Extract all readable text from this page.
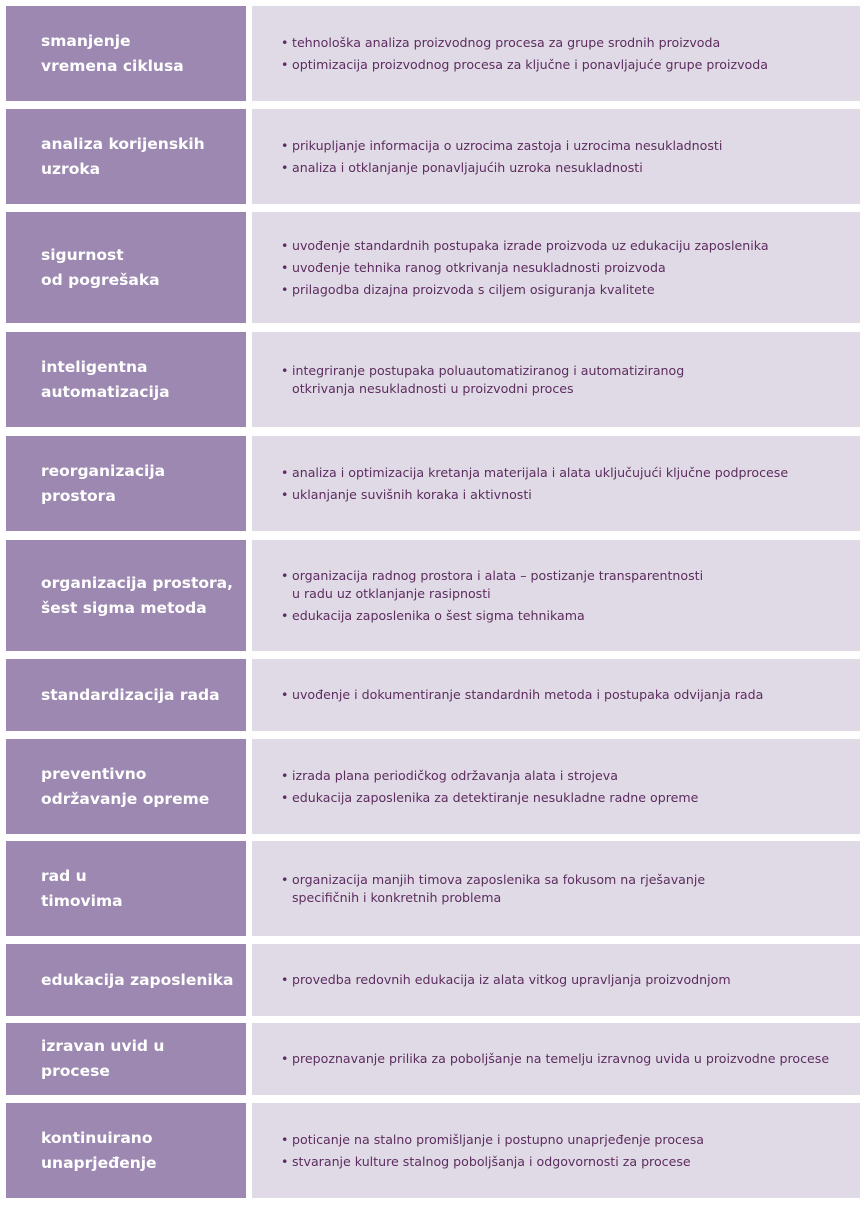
smanjenje
vremena ciklusa
• tehnološka analiza proizvodnog procesa za grupe srodnih proizvoda
• optimizacija proizvodnog procesa za ključne i ponavljajuće grupe proizvoda
analiza korijenskih
uzroka
• prikupljanje informacija o uzrocima zastoja i uzrocima nesukladnosti
• analiza i otklanjanje ponavljajućih uzroka nesukladnosti
sigurnost
od pogrešaka
• uvođenje standardnih postupaka izrade proizvoda uz edukaciju zaposlenika
• uvođenje tehnika ranog otkrivanja nesukladnosti proizvoda
• prilagodba dizajna proizvoda s ciljem osiguranja kvalitete
inteligentna
automatizacija
• integriranje postupaka poluautomatiziranog i automatiziranog
otkrivanja nesukladnosti u proizvodni proces
reorganizacija
prostora
• analiza i optimizacija kretanja materijala i alata uključujući ključne podprocese
• uklanjanje suvišnih koraka i aktivnosti
organizacija prostora,
šest sigma metoda
• organizacija radnog prostora i alata – postizanje transparentnosti
u radu uz otklanjanje rasipnosti
• edukacija zaposlenika o šest sigma tehnikama
standardizacija rada	• uvođenje i dokumentiranje standardnih metoda i postupaka odvijanja rada
preventivno
održavanje opreme
• izrada plana periodičkog održavanja alata i strojeva
• edukacija zaposlenika za detektiranje nesukladne radne opreme
rad u
timovima
• organizacija manjih timova zaposlenika sa fokusom na rješavanje
specifičnih i konkretnih problema
edukacija zaposlenika	• provedba redovnih edukacija iz alata vitkog upravljanja proizvodnjom
izravan uvid u procese
• prepoznavanje prilika za poboljšanje na temelju izravnog uvida u proizvodne procese
kontinuirano
unaprjeđenje
• poticanje na stalno promišljanje i postupno unaprjeđenje procesa
• stvaranje kulture stalnog poboljšanja i odgovornosti za procese
